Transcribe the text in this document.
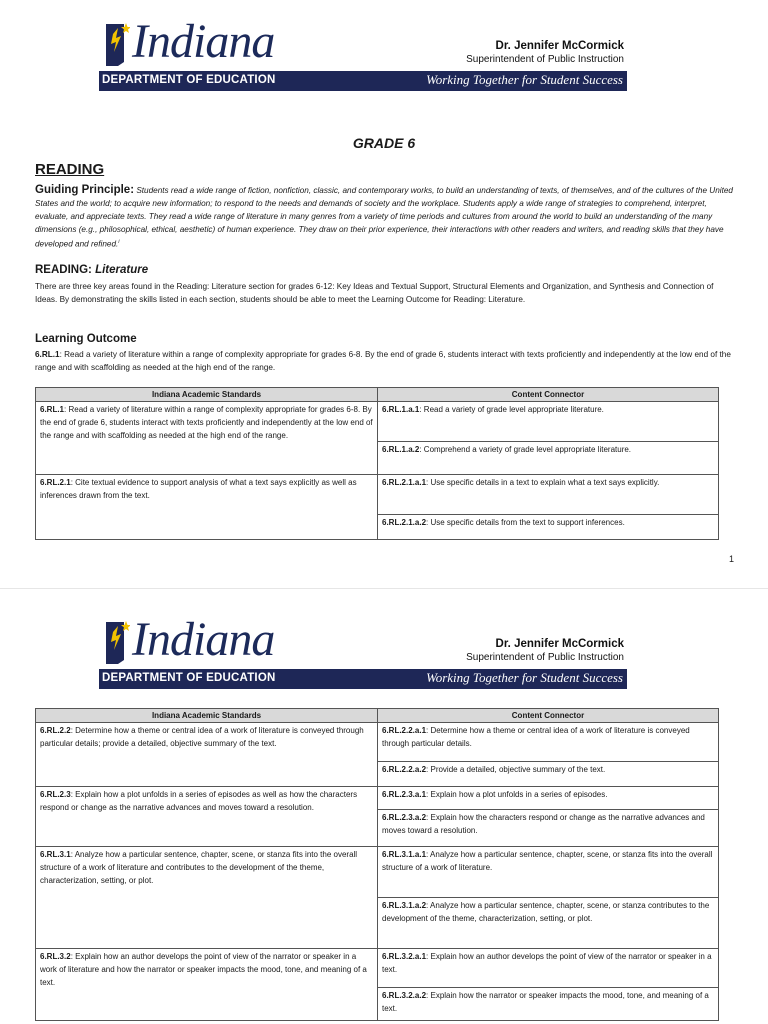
Indiana	Dr. Jennifer McCormick
Superintendent of Public Instruction
DEPARTMENT OF EDUCATION	Working Together for Student Success
GRADE 6
READING
Guiding Principle: Students read a wide range of fiction, nonfiction, classic, and contemporary works, to build an understanding of texts, of themselves, and of the cultures of the United States and the world; to acquire new information; to respond to the needs and demands of society and the workplace. Students apply a wide range of strategies to comprehend, interpret, evaluate, and appreciate texts. They read a wide range of literature in many genres from a variety of time periods and cultures from around the world to build an understanding of the many dimensions (e.g., philosophical, ethical, aesthetic) of human experience. They draw on their prior experience, their interactions with other readers and writers, and reading skills that they have developed and refined.$^i$
READING: Literature
There are three key areas found in the Reading: Literature section for grades 6-12: Key Ideas and Textual Support, Structural Elements and Organization, and Synthesis and Connection of Ideas. By demonstrating the skills listed in each section, students should be able to meet the Learning Outcome for Reading: Literature.
Learning Outcome
6.RL.1: Read a variety of literature within a range of complexity appropriate for grades 6-8. By the end of grade 6, students interact with texts proficiently and independently at the low end of the range and with scaffolding as needed at the high end of the range.
Indiana Academic Standards	Content Connector
6.RL.1: Read a variety of literature within a range of complexity appropriate for grades 6-8. By the end of grade 6, students interact with texts proficiently and independently at the low end of the range and with scaffolding as needed at the high end of the range.	6.RL.1.a.1: Read a variety of grade level appropriate literature.
	6.RL.1.a.2: Comprehend a variety of grade level appropriate literature.
6.RL.2.1: Cite textual evidence to support analysis of what a text says explicitly as well as inferences drawn from the text.	6.RL.2.1.a.1: Use specific details in a text to explain what a text says explicitly.
	6.RL.2.1.a.2: Use specific details from the text to support inferences.
1
Indiana	Dr. Jennifer McCormick
Superintendent of Public Instruction
DEPARTMENT OF EDUCATION	Working Together for Student Success
Indiana Academic Standards	Content Connector
6.RL.2.2: Determine how a theme or central idea of a work of literature is conveyed through particular details; provide a detailed, objective summary of the text.	6.RL.2.2.a.1: Determine how a theme or central idea of a work of literature is conveyed through particular details.
	6.RL.2.2.a.2: Provide a detailed, objective summary of the text.
6.RL.2.3: Explain how a plot unfolds in a series of episodes as well as how the characters respond or change as the narrative advances and moves toward a resolution.	6.RL.2.3.a.1: Explain how a plot unfolds in a series of episodes.
	6.RL.2.3.a.2: Explain how the characters respond or change as the narrative advances and moves toward a resolution.
6.RL.3.1: Analyze how a particular sentence, chapter, scene, or stanza fits into the overall structure of a work of literature and contributes to the development of the theme, characterization, setting, or plot.	6.RL.3.1.a.1: Analyze how a particular sentence, chapter, scene, or stanza fits into the overall structure of a work of literature.
	6.RL.3.1.a.2: Analyze how a particular sentence, chapter, scene, or stanza contributes to the development of the theme, characterization, setting, or plot.
6.RL.3.2: Explain how an author develops the point of view of the narrator or speaker in a work of literature and how the narrator or speaker impacts the mood, tone, and meaning of a text.	6.RL.3.2.a.1: Explain how an author develops the point of view of the narrator or speaker in a text.
	6.RL.3.2.a.2: Explain how the narrator or speaker impacts the mood, tone, and meaning of a text.
